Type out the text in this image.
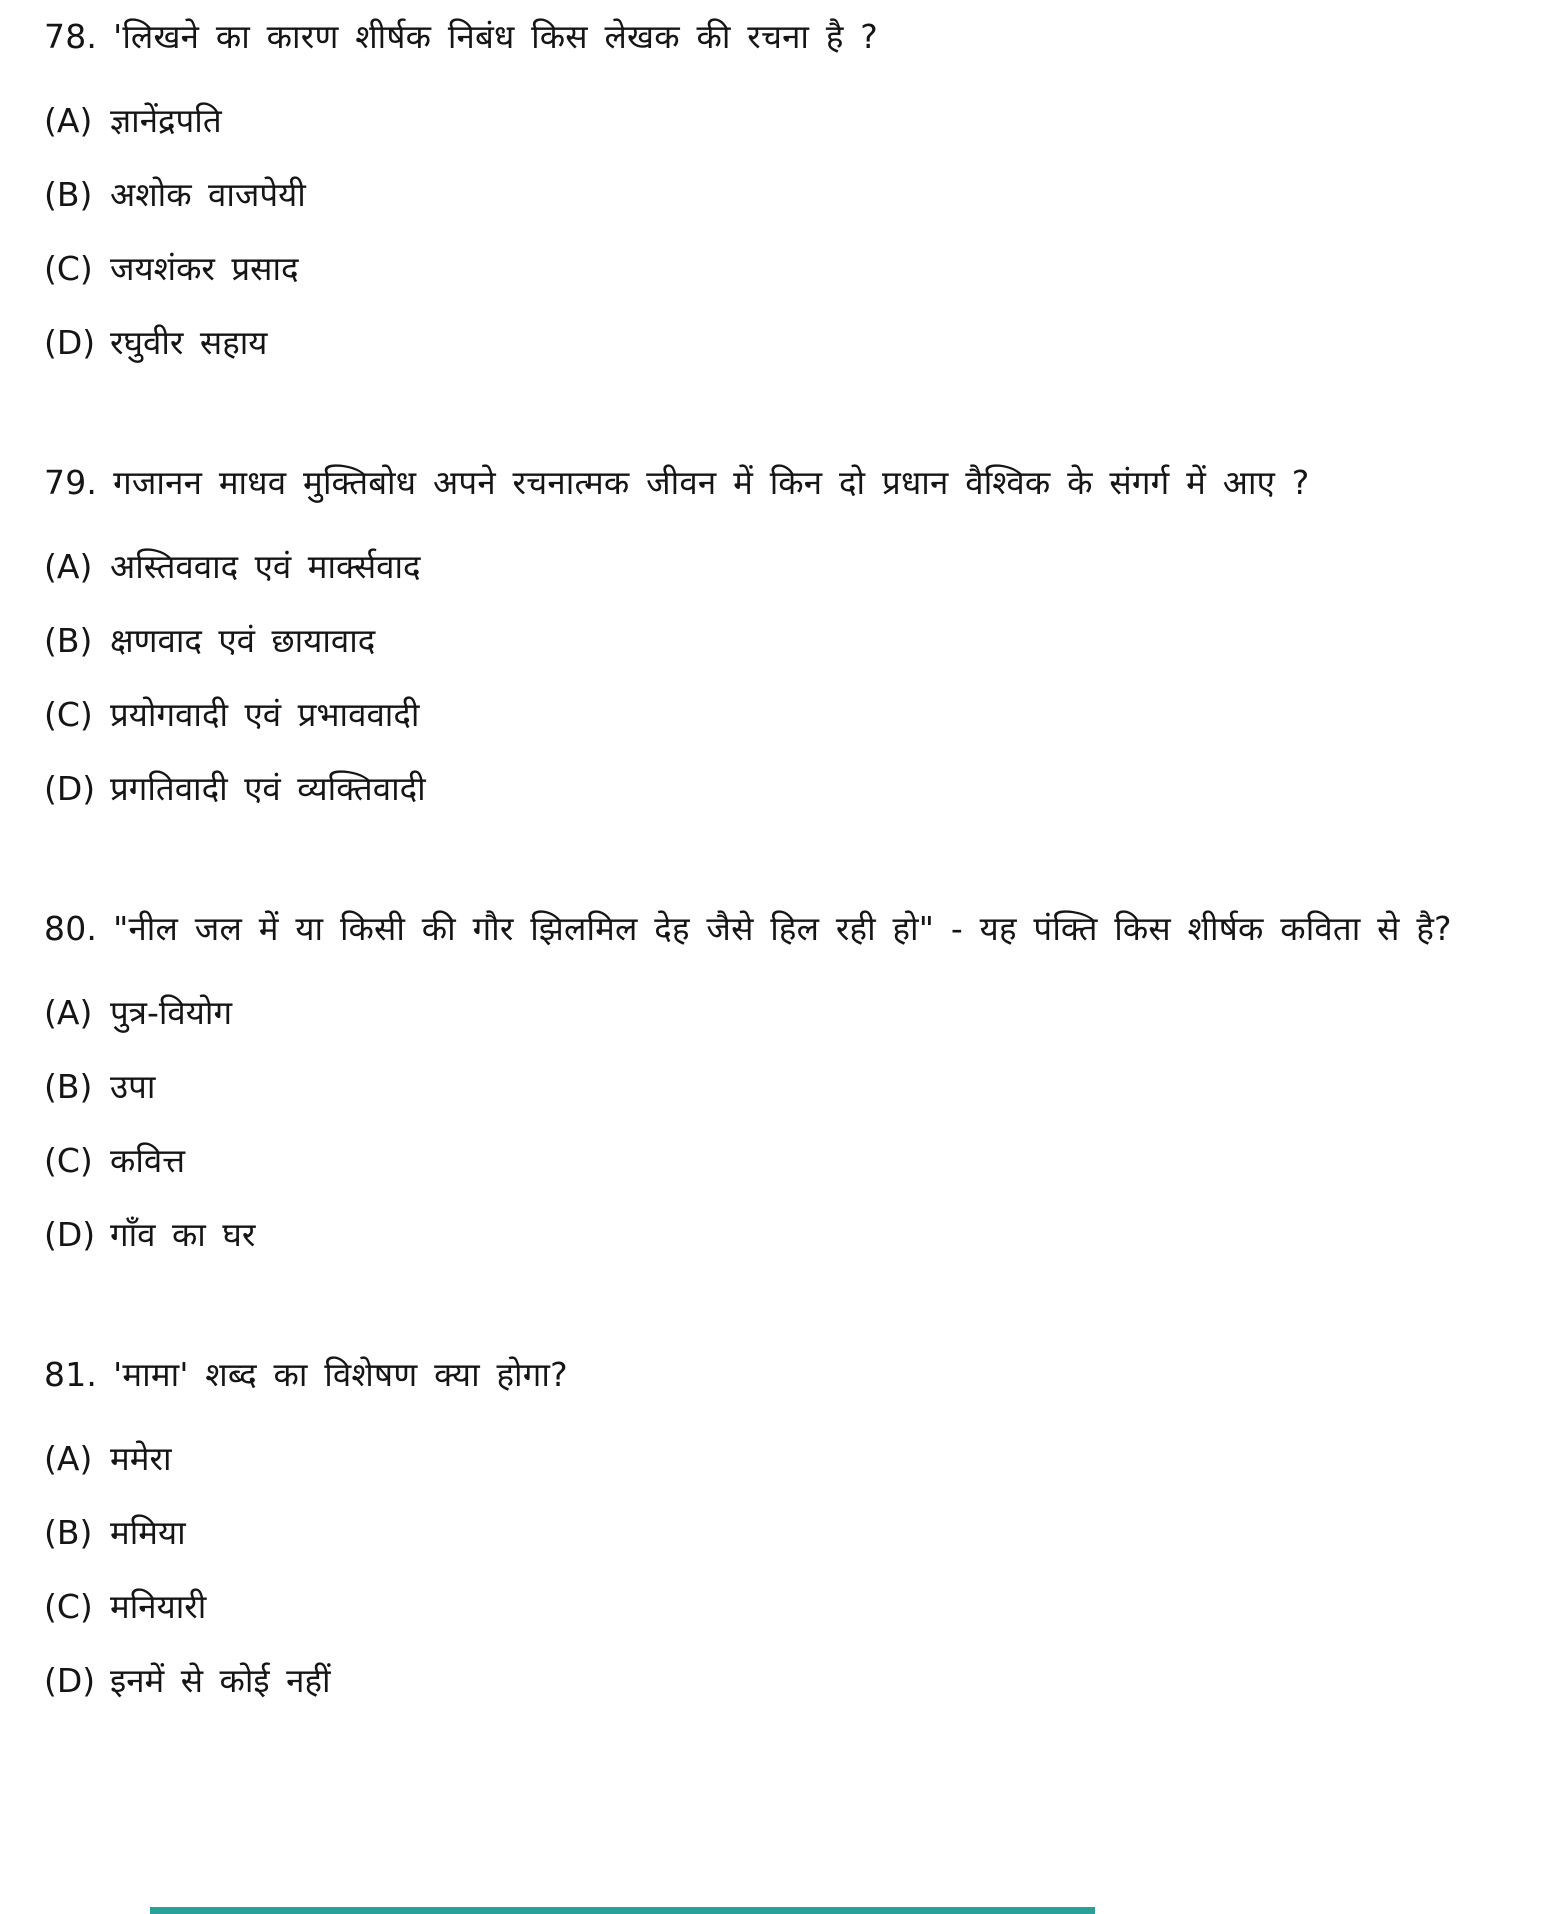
78. 'लिखने का कारण शीर्षक निबंध किस लेखक की रचना है ?

(A) ज्ञानेंद्रपति
(B) अशोक वाजपेयी
(C) जयशंकर प्रसाद
(D) रघुवीर सहाय

79. गजानन माधव मुक्तिबोध अपने रचनात्मक जीवन में किन दो प्रधान वैश्विक के संगर्ग में आए ?

(A) अस्तिववाद एवं मार्क्सवाद
(B) क्षणवाद एवं छायावाद
(C) प्रयोगवादी एवं प्रभाववादी
(D) प्रगतिवादी एवं व्यक्तिवादी

80. "नील जल में या किसी की गौर झिलमिल देह जैसे हिल रही हो" - यह पंक्ति किस शीर्षक कविता से है?

(A) पुत्र-वियोग
(B) उपा
(C) कवित्त
(D) गाँव का घर

81. 'मामा' शब्द का विशेषण क्या होगा?

(A) ममेरा
(B) ममिया
(C) मनियारी
(D) इनमें से कोई नहीं
